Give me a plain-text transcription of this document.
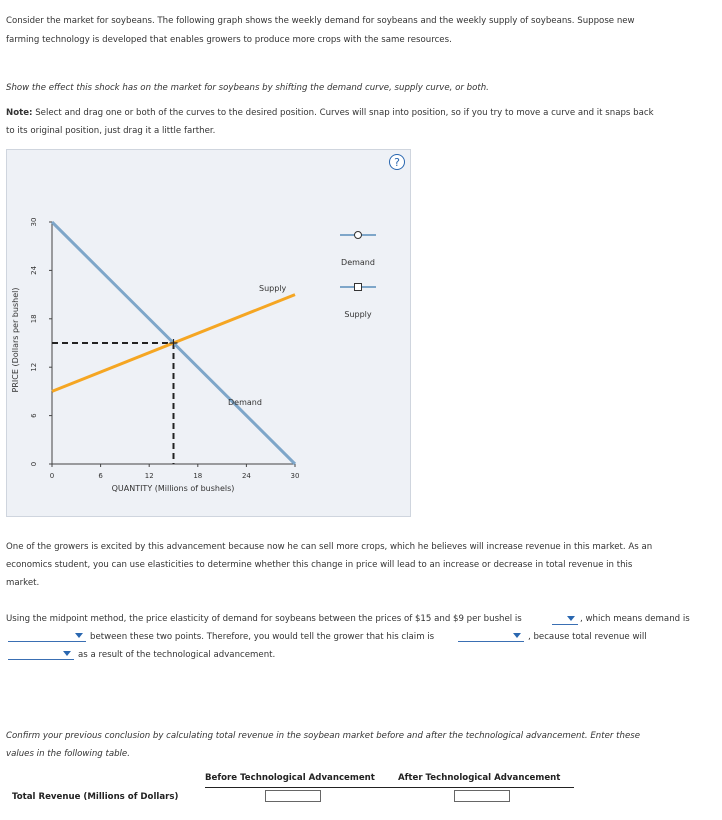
Consider the market for soybeans. The following graph shows the weekly demand for soybeans and the weekly supply of soybeans. Suppose new
farming technology is developed that enables growers to produce more crops with the same resources.
Show the effect this shock has on the market for soybeans by shifting the demand curve, supply curve, or both.
Note: Select and drag one or both of the curves to the desired position. Curves will snap into position, so if you try to move a curve and it snaps back
to its original position, just drag it a little farther.
?
PRICE (Dollars per bushel)
0
6
12
18
24
30
0	6	12	18	24	30
QUANTITY (Millions of bushels)
Supply
Demand
Demand
Supply
One of the growers is excited by this advancement because now he can sell more crops, which he believes will increase revenue in this market. As an
economics student, you can use elasticities to determine whether this change in price will lead to an increase or decrease in total revenue in this
market.
Using the midpoint method, the price elasticity of demand for soybeans between the prices of $15 and $9 per bushel is	, which means demand is
between these two points. Therefore, you would tell the grower that his claim is	, because total revenue will
as a result of the technological advancement.
Confirm your previous conclusion by calculating total revenue in the soybean market before and after the technological advancement. Enter these
values in the following table.
Before Technological Advancement	After Technological Advancement
Total Revenue (Millions of Dollars)
